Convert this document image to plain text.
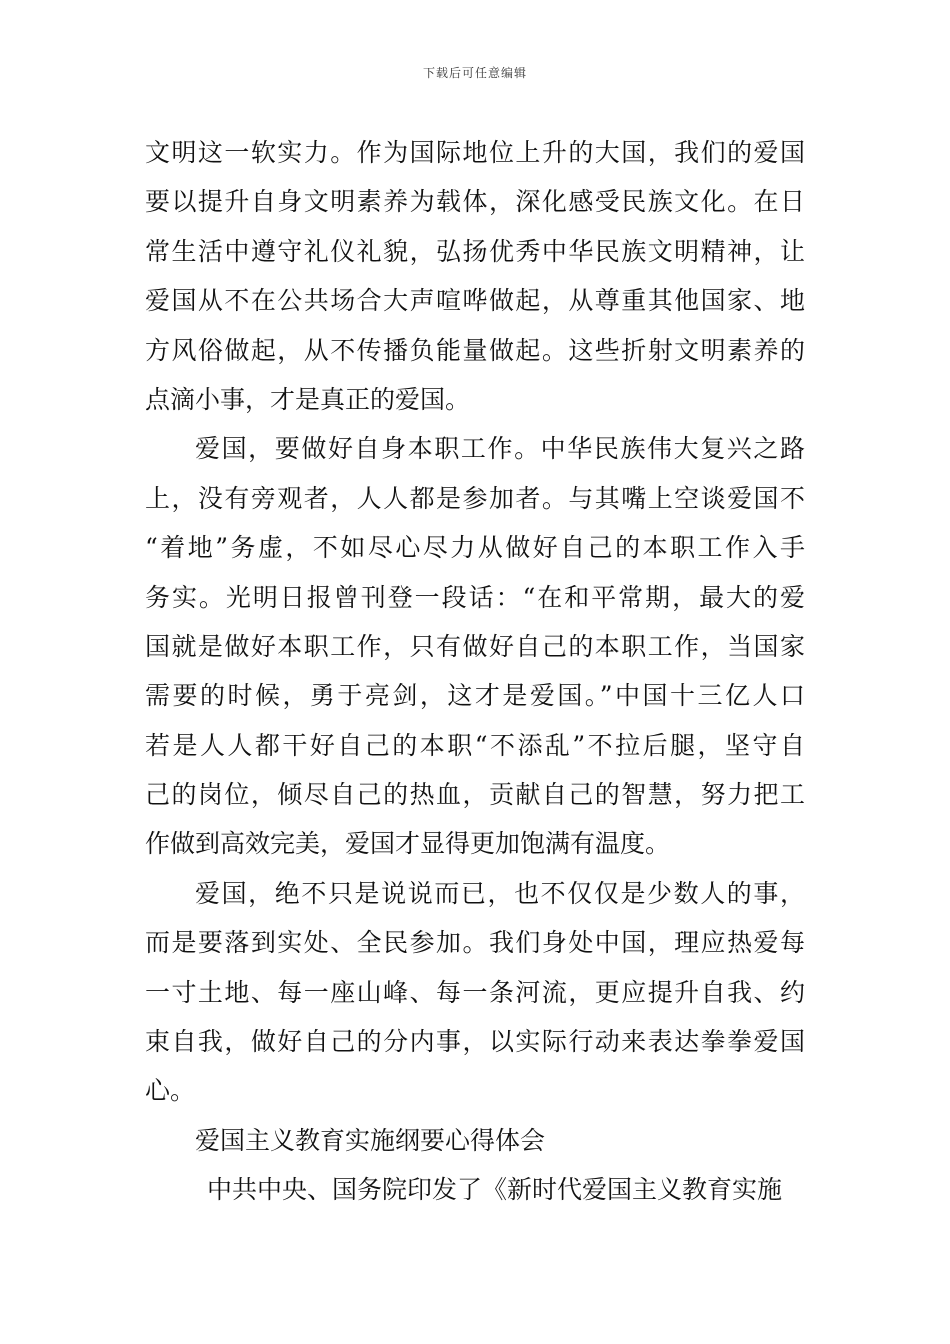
下载后可任意编辑
文明这一软实力。作为国际地位上升的大国，我们的爱国
要以提升自身文明素养为载体，深化感受民族文化。在日
常生活中遵守礼仪礼貌，弘扬优秀中华民族文明精神，让
爱国从不在公共场合大声喧哗做起，从尊重其他国家、地
方风俗做起，从不传播负能量做起。这些折射文明素养的
点滴小事，才是真正的爱国。
爱国，要做好自身本职工作。中华民族伟大复兴之路
上，没有旁观者，人人都是参加者。与其嘴上空谈爱国不
“着地”务虚，不如尽心尽力从做好自己的本职工作入手
务实。光明日报曾刊登一段话：“在和平常期，最大的爱
国就是做好本职工作，只有做好自己的本职工作，当国家
需要的时候，勇于亮剑，这才是爱国。”中国十三亿人口
若是人人都干好自己的本职“不添乱”不拉后腿，坚守自
己的岗位，倾尽自己的热血，贡献自己的智慧，努力把工
作做到高效完美，爱国才显得更加饱满有温度。
爱国，绝不只是说说而已，也不仅仅是少数人的事，
而是要落到实处、全民参加。我们身处中国，理应热爱每
一寸土地、每一座山峰、每一条河流，更应提升自我、约
束自我，做好自己的分内事，以实际行动来表达拳拳爱国
心。
爱国主义教育实施纲要心得体会
中共中央、国务院印发了《新时代爱国主义教育实施
